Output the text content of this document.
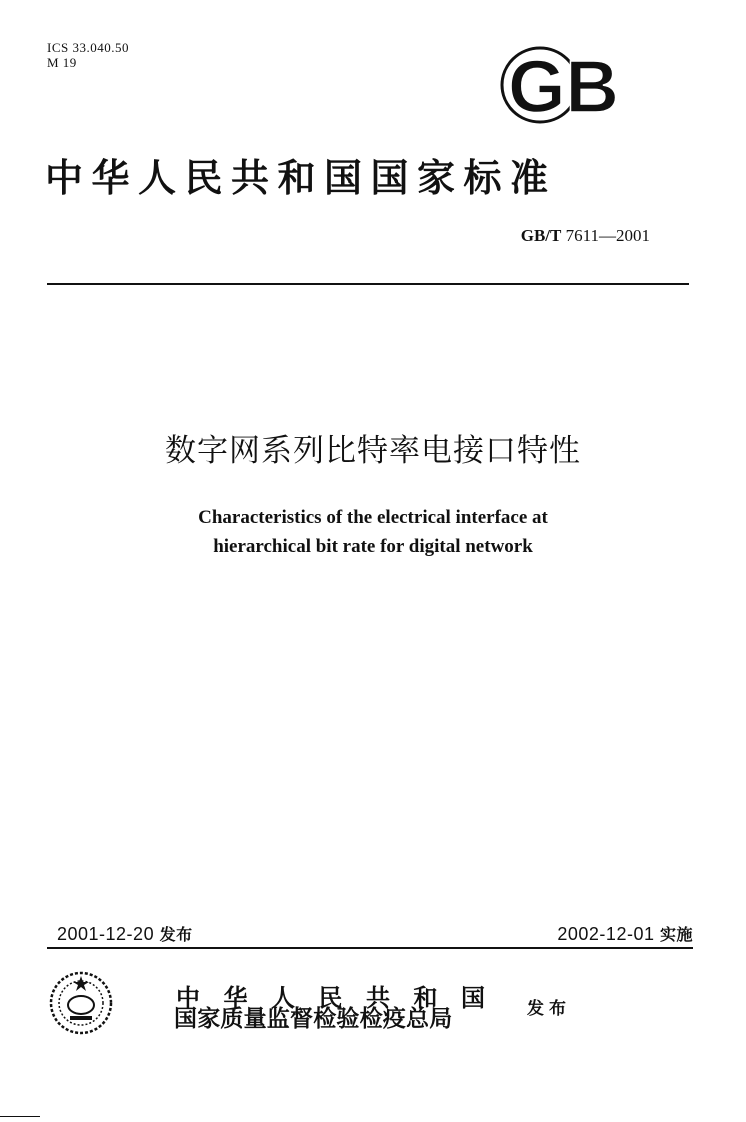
ICS 33.040.50
M 19	GB
中华人民共和国国家标准
GB/T 7611—2001
数字网系列比特率电接口特性
Characteristics of the electrical interface at
hierarchical bit rate for digital network
2001-12-20 发布	2002-12-01 实施
中华人民共和国
国家质量监督检验检疫总局	发布
